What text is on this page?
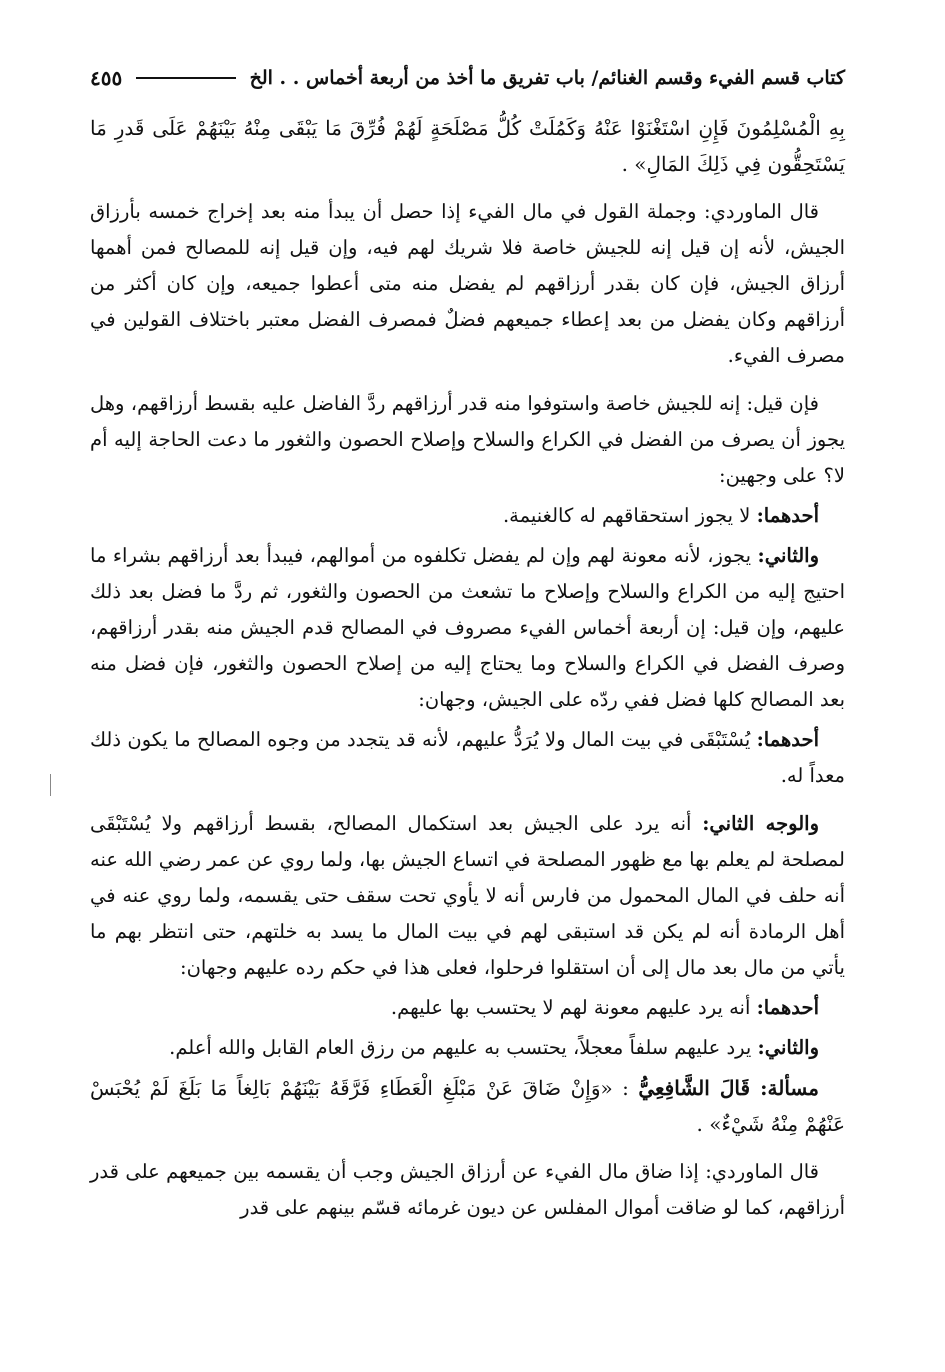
كتاب قسم الفيء وقسم الغنائم/ باب تفريق ما أخذ من أربعة أخماس . . الخ
٤٥٥

بِهِ الْمُسْلِمُونَ فَإِنِ اسْتَغْنَوْا عَنْهُ وَكَمُلَتْ كُلُّ مَصْلَحَةٍ لَهُمْ فُرِّقَ مَا يَبْقَى مِنْهُ بَيْنَهُمْ عَلَى قَدرِ مَا يَسْتَحِقُّون فِي ذَلِكَ المَالِ» .

قال الماوردي: وجملة القول في مال الفيء إذا حصل أن يبدأ منه بعد إخراج خمسه بأرزاق الجيش، لأنه إن قيل إنه للجيش خاصة فلا شريك لهم فيه، وإن قيل إنه للمصالح فمن أهمها أرزاق الجيش، فإن كان بقدر أرزاقهم لم يفضل منه متى أعطوا جميعه، وإن كان أكثر من أرزاقهم وكان يفضل من بعد إعطاء جميعهم فضلٌ فمصرف الفضل معتبر باختلاف القولين في مصرف الفيء.

فإن قيل: إنه للجيش خاصة واستوفوا منه قدر أرزاقهم ردَّ الفاضل عليه بقسط أرزاقهم، وهل يجوز أن يصرف من الفضل في الكراع والسلاح وإصلاح الحصون والثغور ما دعت الحاجة إليه أم لا؟ على وجهين:

أحدهما: لا يجوز استحقاقهم له كالغنيمة.

والثاني: يجوز، لأنه معونة لهم وإن لم يفضل تكلفوه من أموالهم، فيبدأ بعد أرزاقهم بشراء ما احتيج إليه من الكراع والسلاح وإصلاح ما تشعث من الحصون والثغور، ثم ردَّ ما فضل بعد ذلك عليهم، وإن قيل: إن أربعة أخماس الفيء مصروف في المصالح قدم الجيش منه بقدر أرزاقهم، وصرف الفضل في الكراع والسلاح وما يحتاج إليه من إصلاح الحصون والثغور، فإن فضل منه بعد المصالح كلها فضل ففي ردّه على الجيش، وجهان:

أحدهما: يُسْتَبْقَى في بيت المال ولا يُرَدُّ عليهم، لأنه قد يتجدد من وجوه المصالح ما يكون ذلك معداً له.

والوجه الثاني: أنه يرد على الجيش بعد استكمال المصالح، بقسط أرزاقهم ولا يُسْتَبْقَى لمصلحة لم يعلم بها مع ظهور المصلحة في اتساع الجيش بها، ولما روي عن عمر رضي الله عنه أنه حلف في المال المحمول من فارس أنه لا يأوي تحت سقف حتى يقسمه، ولما روي عنه في أهل الرمادة أنه لم يكن قد استبقى لهم في بيت المال ما يسد به خلتهم، حتى انتظر بهم ما يأتي من مال بعد مال إلى أن استقلوا فرحلوا، فعلى هذا في حكم رده عليهم وجهان:

أحدهما: أنه يرد عليهم معونة لهم لا يحتسب بها عليهم.

والثاني: يرد عليهم سلفاً معجلاً، يحتسب به عليهم من رزق العام القابل والله أعلم.

مسألة: قَالَ الشَّافِعِيُّ : «وَإِنْ ضَاقَ عَنْ مَبْلَغِ الْعَطَاءِ فَرَّقَهُ بَيْنَهُمْ بَالِغاً مَا بَلَغَ لَمْ يُحْبَسْ عَنْهُمْ مِنْهُ شَيْءٌ» .

قال الماوردي: إذا ضاق مال الفيء عن أرزاق الجيش وجب أن يقسمه بين جميعهم على قدر أرزاقهم، كما لو ضاقت أموال المفلس عن ديون غرمائه قسّم بينهم على قدر
